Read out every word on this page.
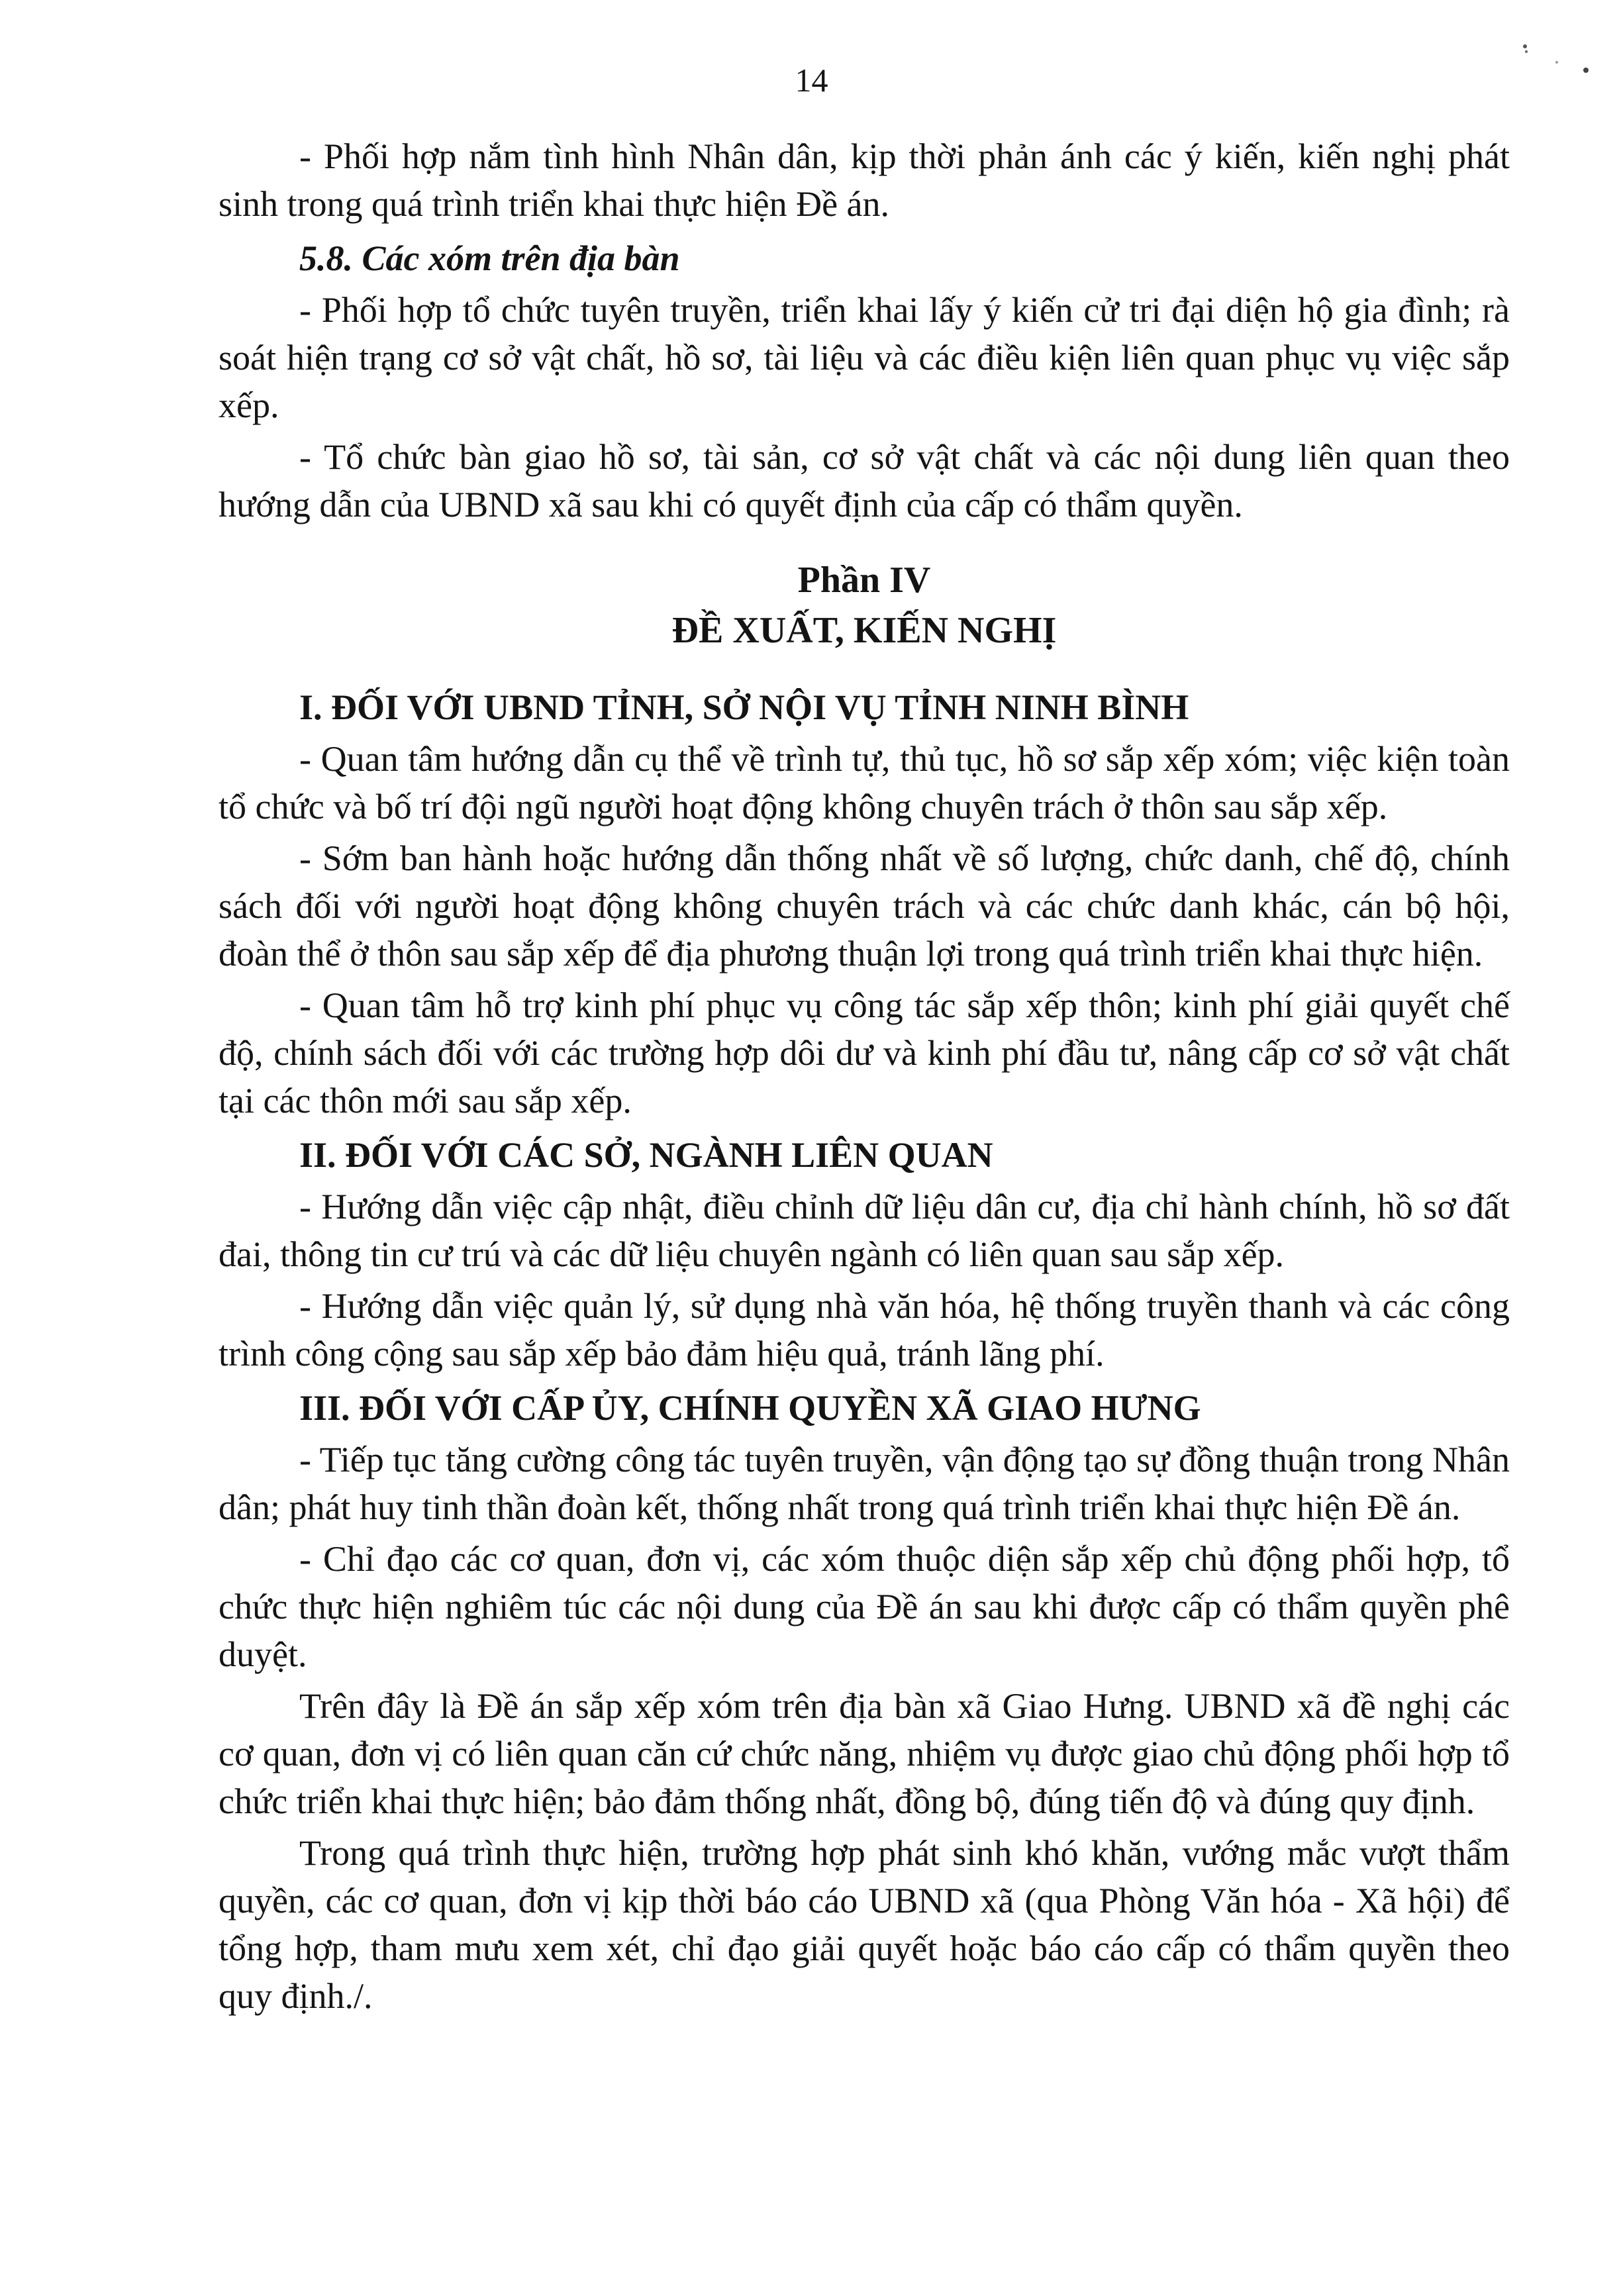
14

- Phối hợp nắm tình hình Nhân dân, kịp thời phản ánh các ý kiến, kiến nghị phát sinh trong quá trình triển khai thực hiện Đề án.

5.8. Các xóm trên địa bàn

- Phối hợp tổ chức tuyên truyền, triển khai lấy ý kiến cử tri đại diện hộ gia đình; rà soát hiện trạng cơ sở vật chất, hồ sơ, tài liệu và các điều kiện liên quan phục vụ việc sắp xếp.

- Tổ chức bàn giao hồ sơ, tài sản, cơ sở vật chất và các nội dung liên quan theo hướng dẫn của UBND xã sau khi có quyết định của cấp có thẩm quyền.

Phần IV
ĐỀ XUẤT, KIẾN NGHỊ

I. ĐỐI VỚI UBND TỈNH, SỞ NỘI VỤ TỈNH NINH BÌNH

- Quan tâm hướng dẫn cụ thể về trình tự, thủ tục, hồ sơ sắp xếp xóm; việc kiện toàn tổ chức và bố trí đội ngũ người hoạt động không chuyên trách ở thôn sau sắp xếp.

- Sớm ban hành hoặc hướng dẫn thống nhất về số lượng, chức danh, chế độ, chính sách đối với người hoạt động không chuyên trách và các chức danh khác, cán bộ hội, đoàn thể ở thôn sau sắp xếp để địa phương thuận lợi trong quá trình triển khai thực hiện.

- Quan tâm hỗ trợ kinh phí phục vụ công tác sắp xếp thôn; kinh phí giải quyết chế độ, chính sách đối với các trường hợp dôi dư và kinh phí đầu tư, nâng cấp cơ sở vật chất tại các thôn mới sau sắp xếp.

II. ĐỐI VỚI CÁC SỞ, NGÀNH LIÊN QUAN

- Hướng dẫn việc cập nhật, điều chỉnh dữ liệu dân cư, địa chỉ hành chính, hồ sơ đất đai, thông tin cư trú và các dữ liệu chuyên ngành có liên quan sau sắp xếp.

- Hướng dẫn việc quản lý, sử dụng nhà văn hóa, hệ thống truyền thanh và các công trình công cộng sau sắp xếp bảo đảm hiệu quả, tránh lãng phí.

III. ĐỐI VỚI CẤP ỦY, CHÍNH QUYỀN XÃ GIAO HƯNG

- Tiếp tục tăng cường công tác tuyên truyền, vận động tạo sự đồng thuận trong Nhân dân; phát huy tinh thần đoàn kết, thống nhất trong quá trình triển khai thực hiện Đề án.

- Chỉ đạo các cơ quan, đơn vị, các xóm thuộc diện sắp xếp chủ động phối hợp, tổ chức thực hiện nghiêm túc các nội dung của Đề án sau khi được cấp có thẩm quyền phê duyệt.

Trên đây là Đề án sắp xếp xóm trên địa bàn xã Giao Hưng. UBND xã đề nghị các cơ quan, đơn vị có liên quan căn cứ chức năng, nhiệm vụ được giao chủ động phối hợp tổ chức triển khai thực hiện; bảo đảm thống nhất, đồng bộ, đúng tiến độ và đúng quy định.

Trong quá trình thực hiện, trường hợp phát sinh khó khăn, vướng mắc vượt thẩm quyền, các cơ quan, đơn vị kịp thời báo cáo UBND xã (qua Phòng Văn hóa - Xã hội) để tổng hợp, tham mưu xem xét, chỉ đạo giải quyết hoặc báo cáo cấp có thẩm quyền theo quy định./.
